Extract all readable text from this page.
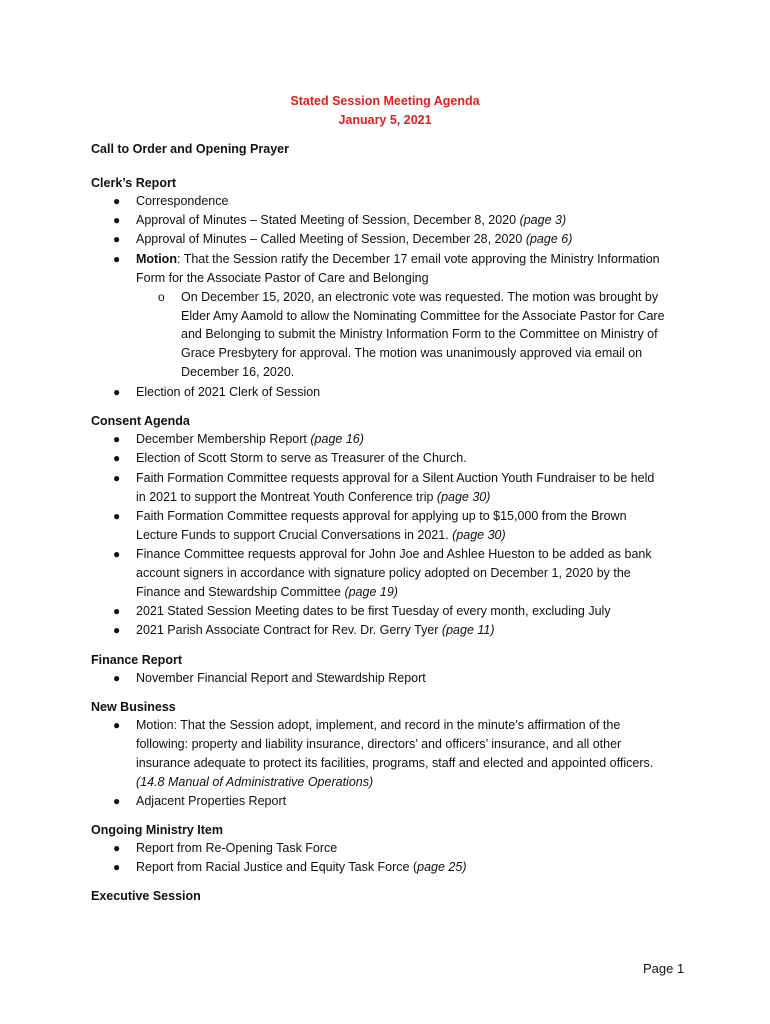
Stated Session Meeting Agenda
January 5, 2021
Call to Order and Opening Prayer
Clerk’s Report
● Correspondence
● Approval of Minutes – Stated Meeting of Session, December 8, 2020 (page 3)
● Approval of Minutes – Called Meeting of Session, December 28, 2020 (page 6)
● Motion: That the Session ratify the December 17 email vote approving the Ministry Information
Form for the Associate Pastor of Care and Belonging
o On December 15, 2020, an electronic vote was requested. The motion was brought by
Elder Amy Aamold to allow the Nominating Committee for the Associate Pastor for Care
and Belonging to submit the Ministry Information Form to the Committee on Ministry of
Grace Presbytery for approval. The motion was unanimously approved via email on
December 16, 2020.
● Election of 2021 Clerk of Session
Consent Agenda
● December Membership Report (page 16)
● Election of Scott Storm to serve as Treasurer of the Church.
● Faith Formation Committee requests approval for a Silent Auction Youth Fundraiser to be held
in 2021 to support the Montreat Youth Conference trip (page 30)
● Faith Formation Committee requests approval for applying up to $15,000 from the Brown
Lecture Funds to support Crucial Conversations in 2021. (page 30)
● Finance Committee requests approval for John Joe and Ashlee Hueston to be added as bank
account signers in accordance with signature policy adopted on December 1, 2020 by the
Finance and Stewardship Committee (page 19)
● 2021 Stated Session Meeting dates to be first Tuesday of every month, excluding July
● 2021 Parish Associate Contract for Rev. Dr. Gerry Tyer (page 11)
Finance Report
● November Financial Report and Stewardship Report
New Business
● Motion: That the Session adopt, implement, and record in the minute’s affirmation of the
following: property and liability insurance, directors’ and officers’ insurance, and all other
insurance adequate to protect its facilities, programs, staff and elected and appointed officers.
(14.8 Manual of Administrative Operations)
● Adjacent Properties Report
Ongoing Ministry Item
● Report from Re-Opening Task Force
● Report from Racial Justice and Equity Task Force (page 25)
Executive Session
Page 1
